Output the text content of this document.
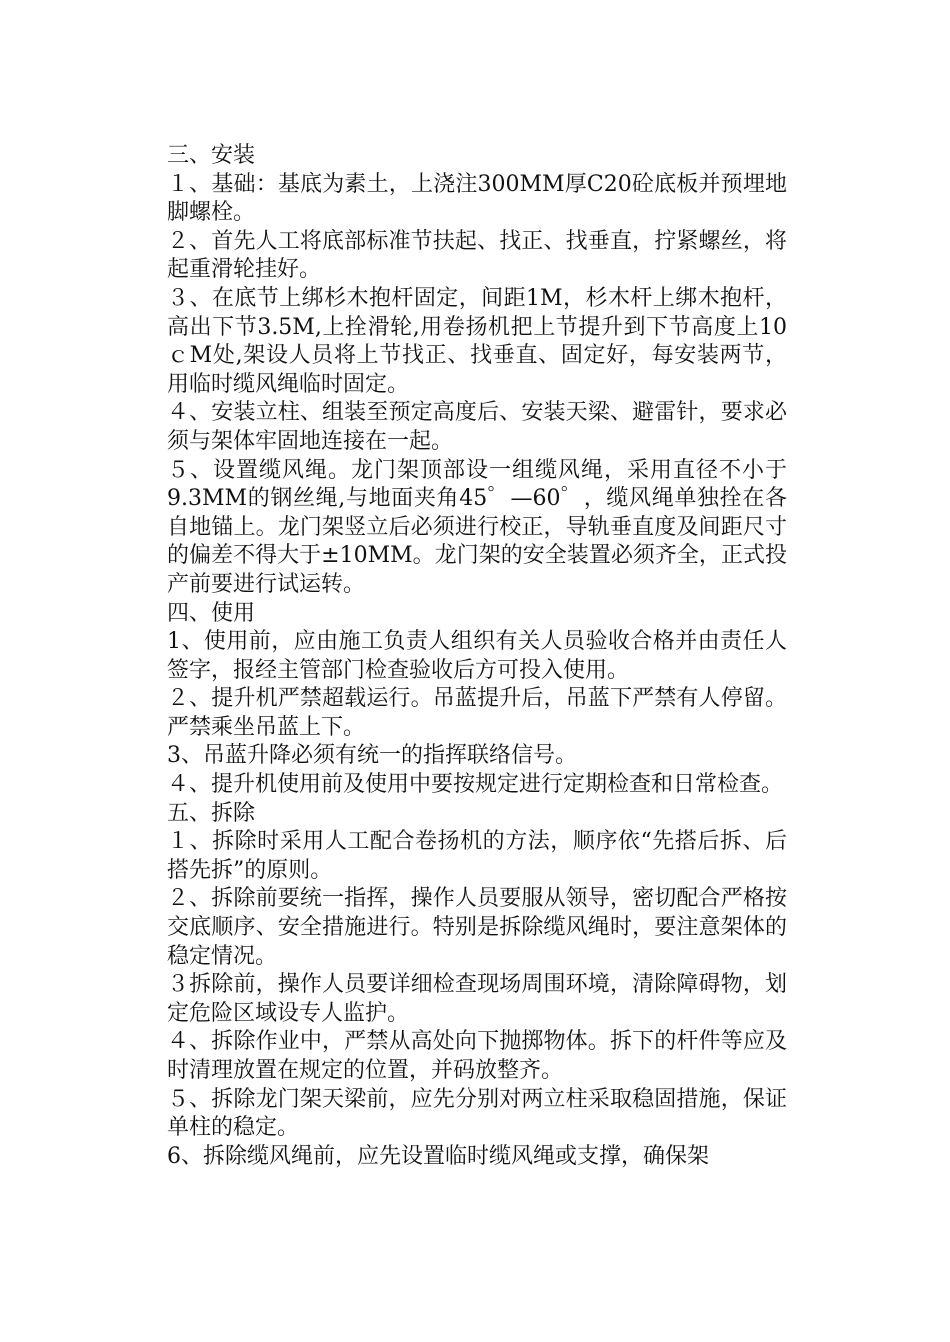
三、安装

１、基础：基底为素土，上浇注300MM厚C20砼底板并预埋地脚螺栓。

２、首先人工将底部标准节扶起、找正、找垂直，拧紧螺丝，将起重滑轮挂好。

３、在底节上绑杉木抱杆固定，间距1M，杉木杆上绑木抱杆，高出下节3.5M,上拴滑轮,用卷扬机把上节提升到下节高度上10ｃM处,架设人员将上节找正、找垂直、固定好，每安装两节，用临时缆风绳临时固定。

４、安装立柱、组装至预定高度后、安装天梁、避雷针，要求必须与架体牢固地连接在一起。

５、设置缆风绳。龙门架顶部设一组缆风绳，采用直径不小于9.3MM的钢丝绳,与地面夹角45゜—60゜，缆风绳单独拴在各自地锚上。龙门架竖立后必须进行校正，导轨垂直度及间距尺寸的偏差不得大于±10MM。龙门架的安全装置必须齐全，正式投产前要进行试运转。

四、使用

1、使用前，应由施工负责人组织有关人员验收合格并由责任人签字，报经主管部门检查验收后方可投入使用。

２、提升机严禁超载运行。吊蓝提升后，吊蓝下严禁有人停留。严禁乘坐吊蓝上下。

3、吊蓝升降必须有统一的指挥联络信号。

４、提升机使用前及使用中要按规定进行定期检查和日常检查。

五、拆除

１、拆除时采用人工配合卷扬机的方法，顺序依“先搭后拆、后搭先拆”的原则。

２、拆除前要统一指挥，操作人员要服从领导，密切配合严格按交底顺序、安全措施进行。特别是拆除缆风绳时，要注意架体的稳定情况。

３拆除前，操作人员要详细检查现场周围环境，清除障碍物，划定危险区域设专人监护。

４、拆除作业中，严禁从高处向下抛掷物体。拆下的杆件等应及时清理放置在规定的位置，并码放整齐。

５、拆除龙门架天梁前，应先分别对两立柱采取稳固措施，保证单柱的稳定。

6、拆除缆风绳前，应先设置临时缆风绳或支撑，确保架
